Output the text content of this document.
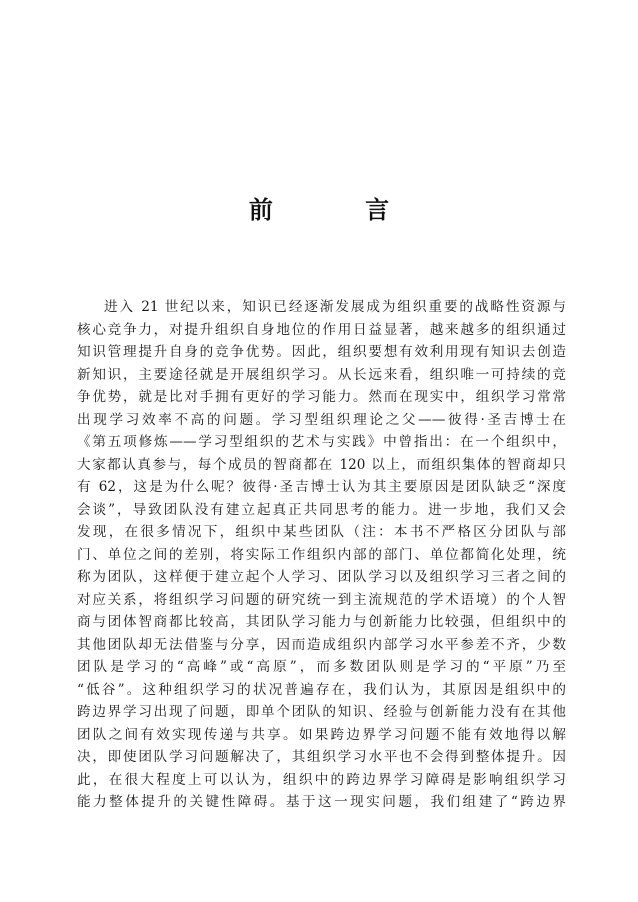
前 言
进入 21 世纪以来，知识已经逐渐发展成为组织重要的战略性资源与
核心竞争力，对提升组织自身地位的作用日益显著，越来越多的组织通过
知识管理提升自身的竞争优势。因此，组织要想有效利用现有知识去创造
新知识，主要途径就是开展组织学习。从长远来看，组织唯一可持续的竞
争优势，就是比对手拥有更好的学习能力。然而在现实中，组织学习常常
出现学习效率不高的问题。学习型组织理论之父——彼得·圣吉博士在
《第五项修炼——学习型组织的艺术与实践》中曾指出：在一个组织中，
大家都认真参与，每个成员的智商都在 120 以上，而组织集体的智商却只
有 62，这是为什么呢？彼得·圣吉博士认为其主要原因是团队缺乏“深度
会谈”，导致团队没有建立起真正共同思考的能力。进一步地，我们又会
发现，在很多情况下，组织中某些团队（注：本书不严格区分团队与部
门、单位之间的差别，将实际工作组织内部的部门、单位都简化处理，统
称为团队，这样便于建立起个人学习、团队学习以及组织学习三者之间的
对应关系，将组织学习问题的研究统一到主流规范的学术语境）的个人智
商与团体智商都比较高，其团队学习能力与创新能力比较强，但组织中的
其他团队却无法借鉴与分享，因而造成组织内部学习水平参差不齐，少数
团队是学习的“高峰”或“高原”，而多数团队则是学习的“平原”乃至
“低谷”。这种组织学习的状况普遍存在，我们认为，其原因是组织中的
跨边界学习出现了问题，即单个团队的知识、经验与创新能力没有在其他
团队之间有效实现传递与共享。如果跨边界学习问题不能有效地得以解
决，即使团队学习问题解决了，其组织学习水平也不会得到整体提升。因
此，在很大程度上可以认为，组织中的跨边界学习障碍是影响组织学习
能力整体提升的关键性障碍。基于这一现实问题，我们组建了“跨边界
